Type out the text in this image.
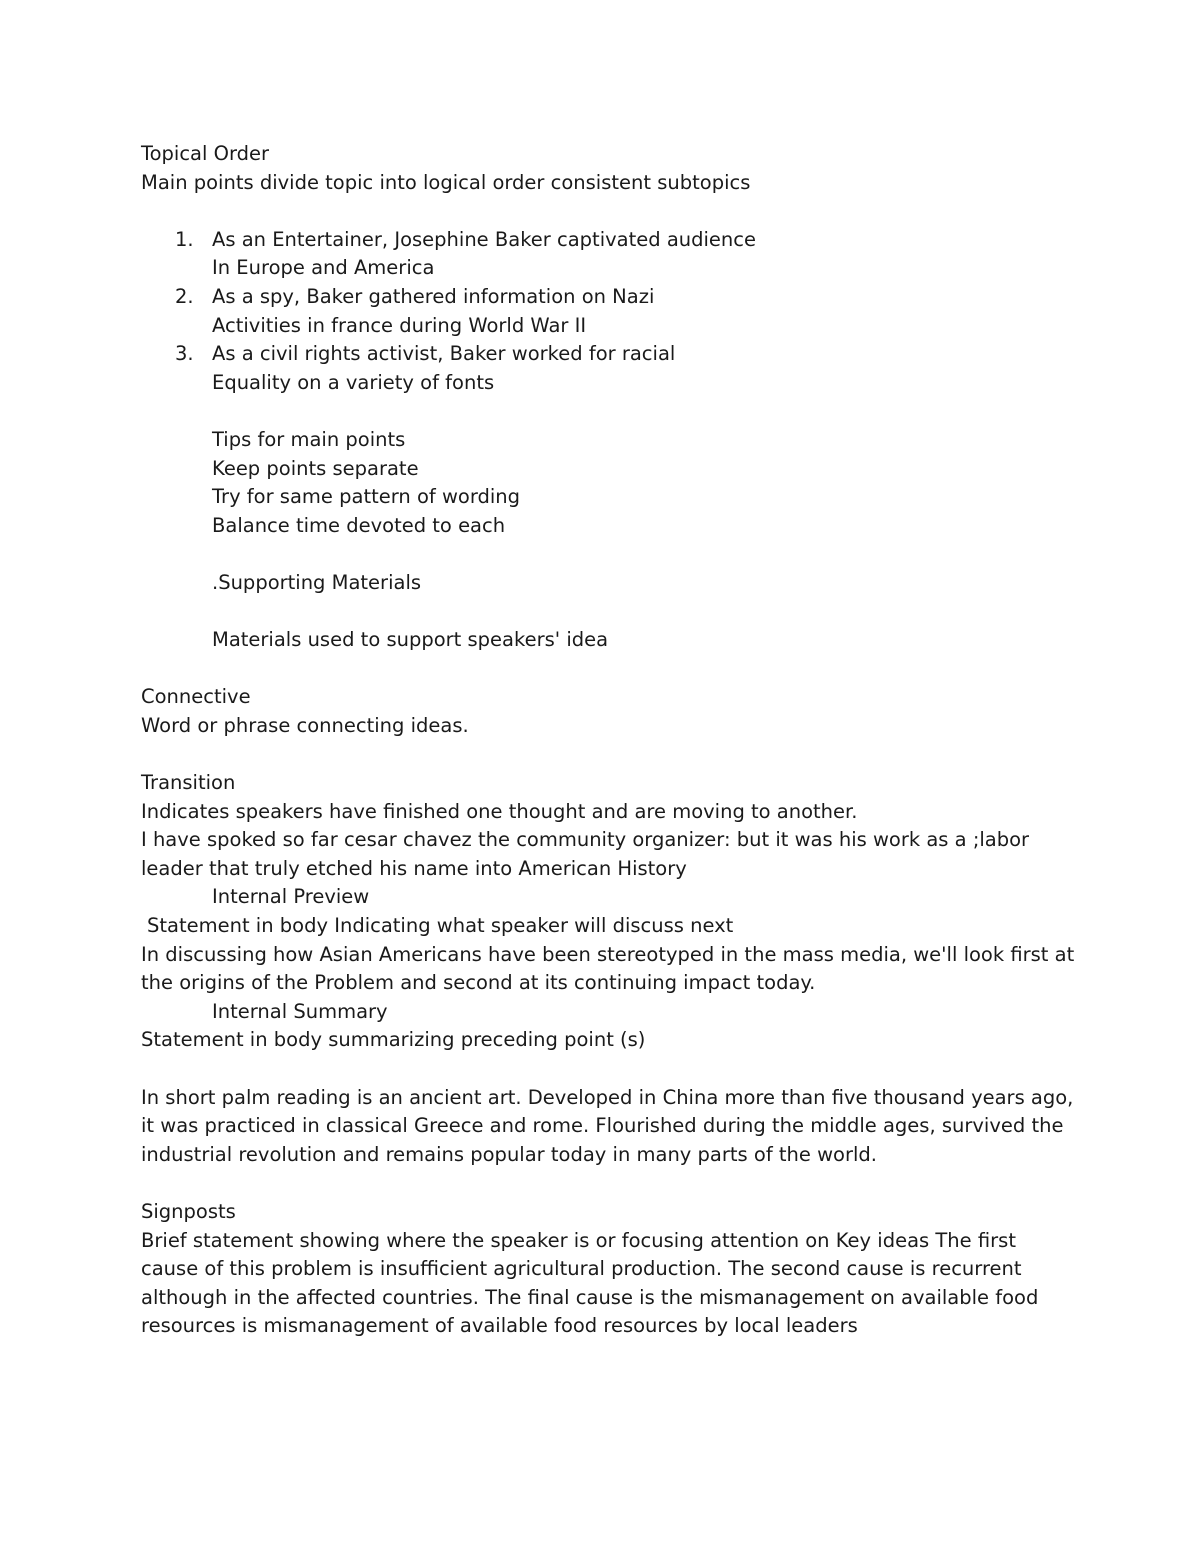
Topical Order
Main points divide topic into logical order consistent subtopics
1. As an Entertainer, Josephine Baker captivated audience
In Europe and America
2. As a spy, Baker gathered information on Nazi
Activities in france during World War II
3. As a civil rights activist, Baker worked for racial
Equality on a variety of fonts
Tips for main points
Keep points separate
Try for same pattern of wording
Balance time devoted to each
.Supporting Materials
Materials used to support speakers' idea
Connective
Word or phrase connecting ideas.
Transition
Indicates speakers have finished one thought and are moving to another.
I have spoked so far cesar chavez the community organizer: but it was his work as a ;labor
leader that truly etched his name into American History
Internal Preview
Statement in body Indicating what speaker will discuss next
In discussing how Asian Americans have been stereotyped in the mass media, we'll look first at
the origins of the Problem and second at its continuing impact today.
Internal Summary
Statement in body summarizing preceding point (s)
In short palm reading is an ancient art. Developed in China more than five thousand years ago,
it was practiced in classical Greece and rome. Flourished during the middle ages, survived the
industrial revolution and remains popular today in many parts of the world.
Signposts
Brief statement showing where the speaker is or focusing attention on Key ideas The first
cause of this problem is insufficient agricultural production. The second cause is recurrent
although in the affected countries. The final cause is the mismanagement on available food
resources is mismanagement of available food resources by local leaders
